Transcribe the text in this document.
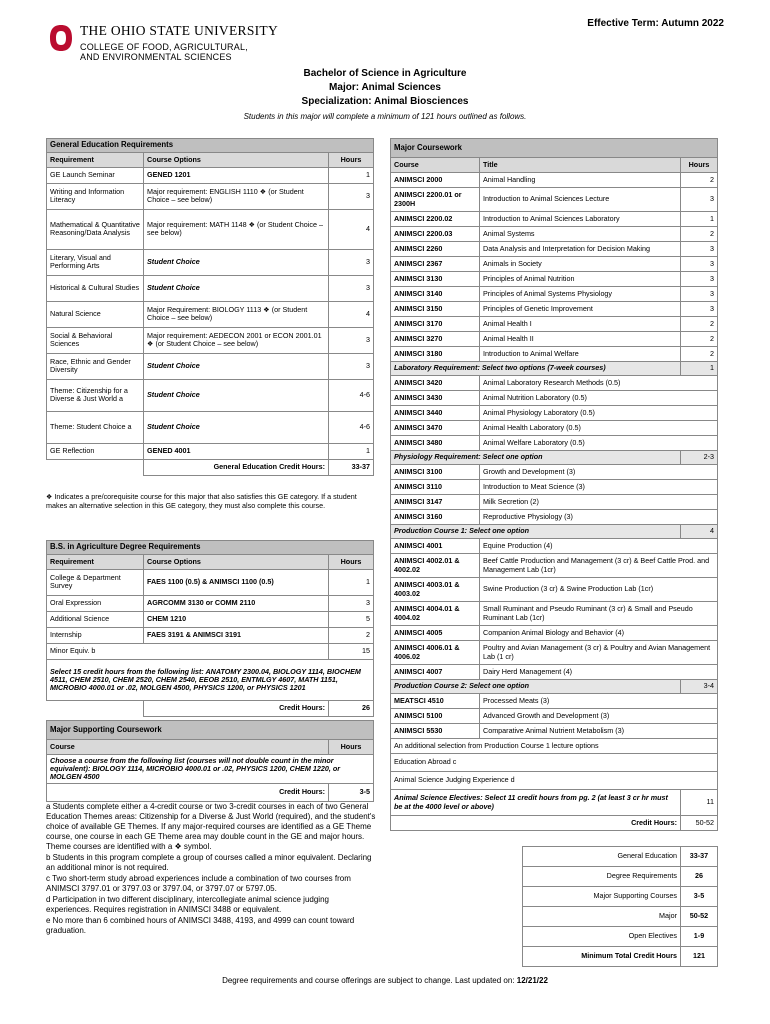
THE OHIO STATE UNIVERSITY
COLLEGE OF FOOD, AGRICULTURAL,
AND ENVIRONMENTAL SCIENCES
Effective Term: Autumn 2022
Bachelor of Science in Agriculture
Major: Animal Sciences
Specialization: Animal Biosciences
Students in this major will complete a minimum of 121 hours outlined as follows.
General Education Requirements		
Requirement	Course Options	Hours
GE Launch Seminar	GENED 1201	1
Writing and Information Literacy	Major requirement: ENGLISH 1110 ❖ (or Student Choice – see below)	3
Mathematical & Quantitative Reasoning/Data Analysis	Major requirement: MATH 1148 ❖ (or Student Choice – see below)	4
Literary, Visual and Performing Arts	Student Choice	3
Historical & Cultural Studies	Student Choice	3
Natural Science	Major Requirement: BIOLOGY 1113 ❖ (or Student Choice – see below)	4
Social & Behavioral Sciences	Major requirement: AEDECON 2001 or ECON 2001.01 ❖ (or Student Choice – see below)	3
Race, Ethnic and Gender Diversity	Student Choice	3
Theme: Citizenship for a Diverse & Just World a	Student Choice	4-6
Theme: Student Choice a	Student Choice	4-6
GE Reflection	GENED 4001	1
	General Education Credit Hours:	33-37
❖ Indicates a pre/corequisite course for this major that also satisfies this GE category. If a student makes an alternative selection in this GE category, they must also complete this course.
B.S. in Agriculture Degree Requirements		
Requirement	Course Options	Hours
College & Department Survey	FAES 1100 (0.5) & ANIMSCI 1100 (0.5)	1
Oral Expression	AGRCOMM 3130 or COMM 2110	3
Additional Science	CHEM 1210	5
Internship	FAES 3191 & ANIMSCI 3191	2
Minor Equiv. b		15
Select 15 credit hours from the following list: ANATOMY 2300.04, BIOLOGY 1114, BIOCHEM 4511, CHEM 2510, CHEM 2520, CHEM 2540, EEOB 2510, ENTMLGY 4607, MATH 1151, MICROBIO 4000.01 or .02, MOLGEN 4500, PHYSICS 1200, or PHYSICS 1201		
	Credit Hours:	26
Major Supporting Coursework	
Course	Hours
Choose a course from the following list (courses will not double count in the minor equivalent): BIOLOGY 1114, MICROBIO 4000.01 or .02, PHYSICS 1200, CHEM 1220, or MOLGEN 4500	
Credit Hours:	3-5

a Students complete either a 4-credit course or two 3-credit courses in each of two General Education Themes areas: Citizenship for a Diverse & Just World (required), and the student's choice of available GE Themes. If any major-required courses are identified as a GE Theme course, one course in each GE Theme area may double count in the GE and major hours. Theme courses are identified with a ❖ symbol.

b Students in this program complete a group of courses called a minor equivalent. Declaring an additional minor is not required.

c Two short-term study abroad experiences include a combination of two courses from ANIMSCI 3797.01 or 3797.03 or 3797.04, or 3797.07 or 5797.05.

d Participation in two different disciplinary, intercollegiate animal science judging experiences. Requires registration in ANIMSCI 3488 or equivalent.

e No more than 6 combined hours of ANIMSCI 3488, 4193, and 4999 can count toward graduation.

Major Coursework		
Course	Title	Hours
ANIMSCI 2000	Animal Handling	2
ANIMSCI 2200.01 or 2300H	Introduction to Animal Sciences Lecture	3
ANIMSCI 2200.02	Introduction to Animal Sciences Laboratory	1
ANIMSCI 2200.03	Animal Systems	2
ANIMSCI 2260	Data Analysis and Interpretation for Decision Making	3
ANIMSCI 2367	Animals in Society	3
ANIMSCI 3130	Principles of Animal Nutrition	3
ANIMSCI 3140	Principles of Animal Systems Physiology	3
ANIMSCI 3150	Principles of Genetic Improvement	3
ANIMSCI 3170	Animal Health I	2
ANIMSCI 3270	Animal Health II	2
ANIMSCI 3180	Introduction to Animal Welfare	2
Laboratory Requirement: Select two options (7-week courses)		1
ANIMSCI 3420	Animal Laboratory Research Methods (0.5)	
ANIMSCI 3430	Animal Nutrition Laboratory (0.5)	
ANIMSCI 3440	Animal Physiology Laboratory (0.5)	
ANIMSCI 3470	Animal Health Laboratory (0.5)	
ANIMSCI 3480	Animal Welfare Laboratory (0.5)	
Physiology Requirement: Select one option		2-3
ANIMSCI 3100	Growth and Development (3)	
ANIMSCI 3110	Introduction to Meat Science (3)	
ANIMSCI 3147	Milk Secretion (2)	
ANIMSCI 3160	Reproductive Physiology (3)	
Production Course 1: Select one option		4
ANIMSCI 4001	Equine Production (4)	
ANIMSCI 4002.01 & 4002.02	Beef Cattle Production and Management (3 cr) & Beef Cattle Prod. and Management Lab (1cr)	
ANIMSCI 4003.01 & 4003.02	Swine Production (3 cr) & Swine Production Lab (1cr)	
ANIMSCI 4004.01 & 4004.02	Small Ruminant and Pseudo Ruminant (3 cr) & Small and Pseudo Ruminant Lab (1cr)	
ANIMSCI 4005	Companion Animal Biology and Behavior (4)	
ANIMSCI 4006.01 & 4006.02	Poultry and Avian Management (3 cr) & Poultry and Avian Management Lab (1 cr)	
ANIMSCI 4007	Dairy Herd Management (4)	
Production Course 2: Select one option		3-4
MEATSCI 4510	Processed Meats (3)	
ANIMSCI 5100	Advanced Growth and Development (3)	
ANIMSCI 5530	Comparative Animal Nutrient Metabolism (3)	
An additional selection from Production Course 1 lecture options		
Education Abroad c		
Animal Science Judging Experience d		
Animal Science Electives: Select 11 credit hours from pg. 2 (at least 3 cr hr must be at the 4000 level or above)		11
Credit Hours:		50-52
General Education	33-37
Degree Requirements	26
Major Supporting Courses	3-5
Major	50-52
Open Electives	1-9
Minimum Total Credit Hours	121
Degree requirements and course offerings are subject to change. Last updated on: 12/21/22
